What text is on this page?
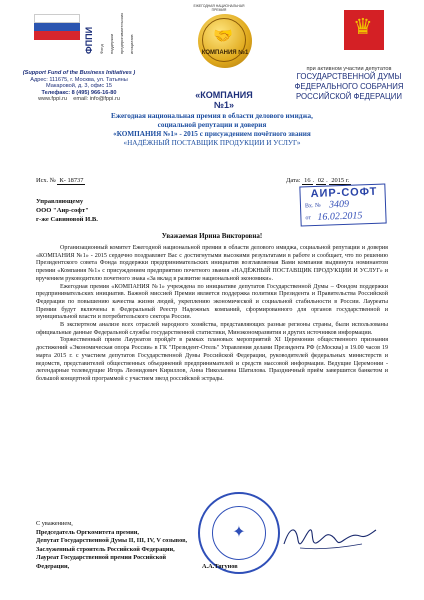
ФППИ	Фонд поддержки предпринимательских инициатив
(Support Fund of the Business Initiatives )
Адрес: 111675, г. Москва, ул. Татьяны
Макаровой, д. 3, офис 15
Телефакс: 8 (495) 966-16-80
www.fppi.ru email: info@fppi.ru
ЕЖЕГОДНАЯ НАЦИОНАЛЬНАЯ ПРЕМИЯ
🤝
КОМПАНИЯ №1
«КОМПАНИЯ №1»
♛
при активном участии депутатов
ГОСУДАРСТВЕННОЙ ДУМЫ
ФЕДЕРАЛЬНОГО СОБРАНИЯ
РОССИЙСКОЙ ФЕДЕРАЦИИ
Ежегодная национальная премия в области делового имиджа,
социальной репутации и доверия
«КОМПАНИЯ №1» - 2015 с присуждением почётного звания
«НАДЁЖНЫЙ ПОСТАВЩИК ПРОДУКЦИИ И УСЛУГ»
Исх. № К- 18737	Дата: 16 . 02 . 2015 г.
АИР-СОФТ
Вх. № 3409
от 16.02.2015
Управляющему
ООО "Аир-софт"
г-же Савиновой И.В.
Уважаемая Ирина Викторовна!

Организационный комитет Ежегодной национальной премии в области делового имиджа, социальной репутации и доверия «КОМПАНИЯ №1» - 2015 сердечно поздравляет Вас с достигнутыми высокими результатами в работе и сообщает, что по решению Президентского совета Фонда поддержки предпринимательских инициатив возглавляемая Вами компания выдвинута номинантом премии «Компания №1» с присуждением предприятию почетного звания «НАДЁЖНЫЙ ПОСТАВЩИК ПРОДУКЦИИ И УСЛУГ» и вручением руководителю почетного знака «За вклад в развитие национальной экономики».

Ежегодная премия «КОМПАНИЯ №1» учреждена по инициативе депутатов Государственной Думы – Фондом поддержки предпринимательских инициатив. Важной миссией Премии является поддержка политики Президента и Правительства Российской Федерации по повышению качества жизни людей, укреплению экономической и социальной стабильности в России. Лауреаты Премии будут включены в Федеральный Реестр Надежных компаний, сформированного для органов государственной и муниципальной власти и потребительского сектора России.

В экспертном анализе всех отраслей народного хозяйства, представляющих разные регионы страны, были использованы официальные данные Федеральной службы государственной статистики, Минэкономразвития и других источников информации.

Торжественный прием Лауреатов пройдёт в рамках плановых мероприятий XI Церемонии общественного признания достижений «Экономическая опора России» в ГК "Президент-Отель" Управления делами Президента РФ (г.Москва) в 19.00 часов 19 марта 2015 г. с участием депутатов Государственной Думы Российской Федерации, руководителей федеральных министерств и ведомств, представителей общественных объединений предпринимателей и средств массовой информации. Ведущие Церемонии - легендарные телеведущие Игорь Леонидович Кириллов, Анна Николаевна Шатилова. Праздничный приём завершится банкетом и большой концертной программой с участием звезд российской эстрады.

✦
С уважением,
Председатель Оргкомитета премии,
Депутат Государственной Думы II, III, IV, V созывов,
Заслуженный строитель Российской Федерации,
Лауреат Государственной премии Российской
Федерации,	А.А.Тягунов
